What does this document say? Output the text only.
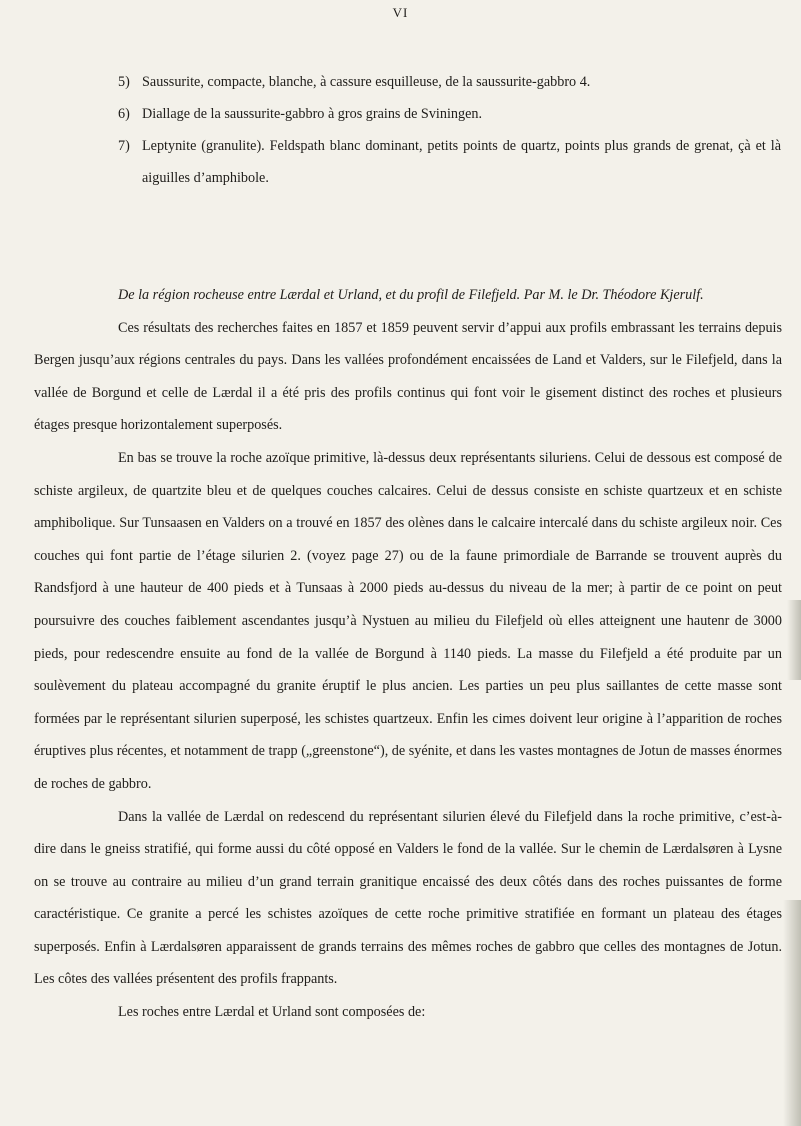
VI
5) Saussurite, compacte, blanche, à cassure esquilleuse, de la saussurite-gabbro 4.
6) Diallage de la saussurite-gabbro à gros grains de Sviningen.
7) Leptynite (granulite). Feldspath blanc dominant, petits points de quartz, points plus grands de grenat, çà et là aiguilles d’amphibole.

De la région rocheuse entre Lærdal et Urland, et du profil de Filefjeld. Par M. le Dr. Théodore Kjerulf.

Ces résultats des recherches faites en 1857 et 1859 peuvent servir d’appui aux profils embrassant les terrains depuis Bergen jusqu’aux régions centrales du pays. Dans les vallées profondément encaissées de Land et Valders, sur le Filefjeld, dans la vallée de Borgund et celle de Lærdal il a été pris des profils continus qui font voir le gisement distinct des roches et plusieurs étages presque horizontalement superposés.

En bas se trouve la roche azoïque primitive, là-dessus deux représentants siluriens. Celui de dessous est composé de schiste argileux, de quartzite bleu et de quelques couches calcaires. Celui de dessus consiste en schiste quartzeux et en schiste amphibolique. Sur Tunsaasen en Valders on a trouvé en 1857 des olènes dans le calcaire intercalé dans du schiste argileux noir. Ces couches qui font partie de l’étage silurien 2. (voyez page 27) ou de la faune primordiale de Barrande se trouvent auprès du Randsfjord à une hauteur de 400 pieds et à Tunsaas à 2000 pieds au-dessus du niveau de la mer; à partir de ce point on peut poursuivre des couches faiblement ascendantes jusqu’à Nystuen au milieu du Filefjeld où elles atteignent une hautenr de 3000 pieds, pour redescendre ensuite au fond de la vallée de Borgund à 1140 pieds. La masse du Filefjeld a été produite par un soulèvement du plateau accompagné du granite éruptif le plus ancien. Les parties un peu plus saillantes de cette masse sont formées par le représentant silurien superposé, les schistes quartzeux. Enfin les cimes doivent leur origine à l’apparition de roches éruptives plus récentes, et notamment de trapp („greenstone“), de syénite, et dans les vastes montagnes de Jotun de masses énormes de roches de gabbro.

Dans la vallée de Lærdal on redescend du représentant silurien élevé du Filefjeld dans la roche primitive, c’est-à-dire dans le gneiss stratifié, qui forme aussi du côté opposé en Valders le fond de la vallée. Sur le chemin de Lærdalsøren à Lysne on se trouve au contraire au milieu d’un grand terrain granitique encaissé des deux côtés dans des roches puissantes de forme caractéristique. Ce granite a percé les schistes azoïques de cette roche primitive stratifiée en formant un plateau des étages superposés. Enfin à Lærdalsøren apparaissent de grands terrains des mêmes roches de gabbro que celles des montagnes de Jotun. Les côtes des vallées présentent des profils frappants.

Les roches entre Lærdal et Urland sont composées de:
